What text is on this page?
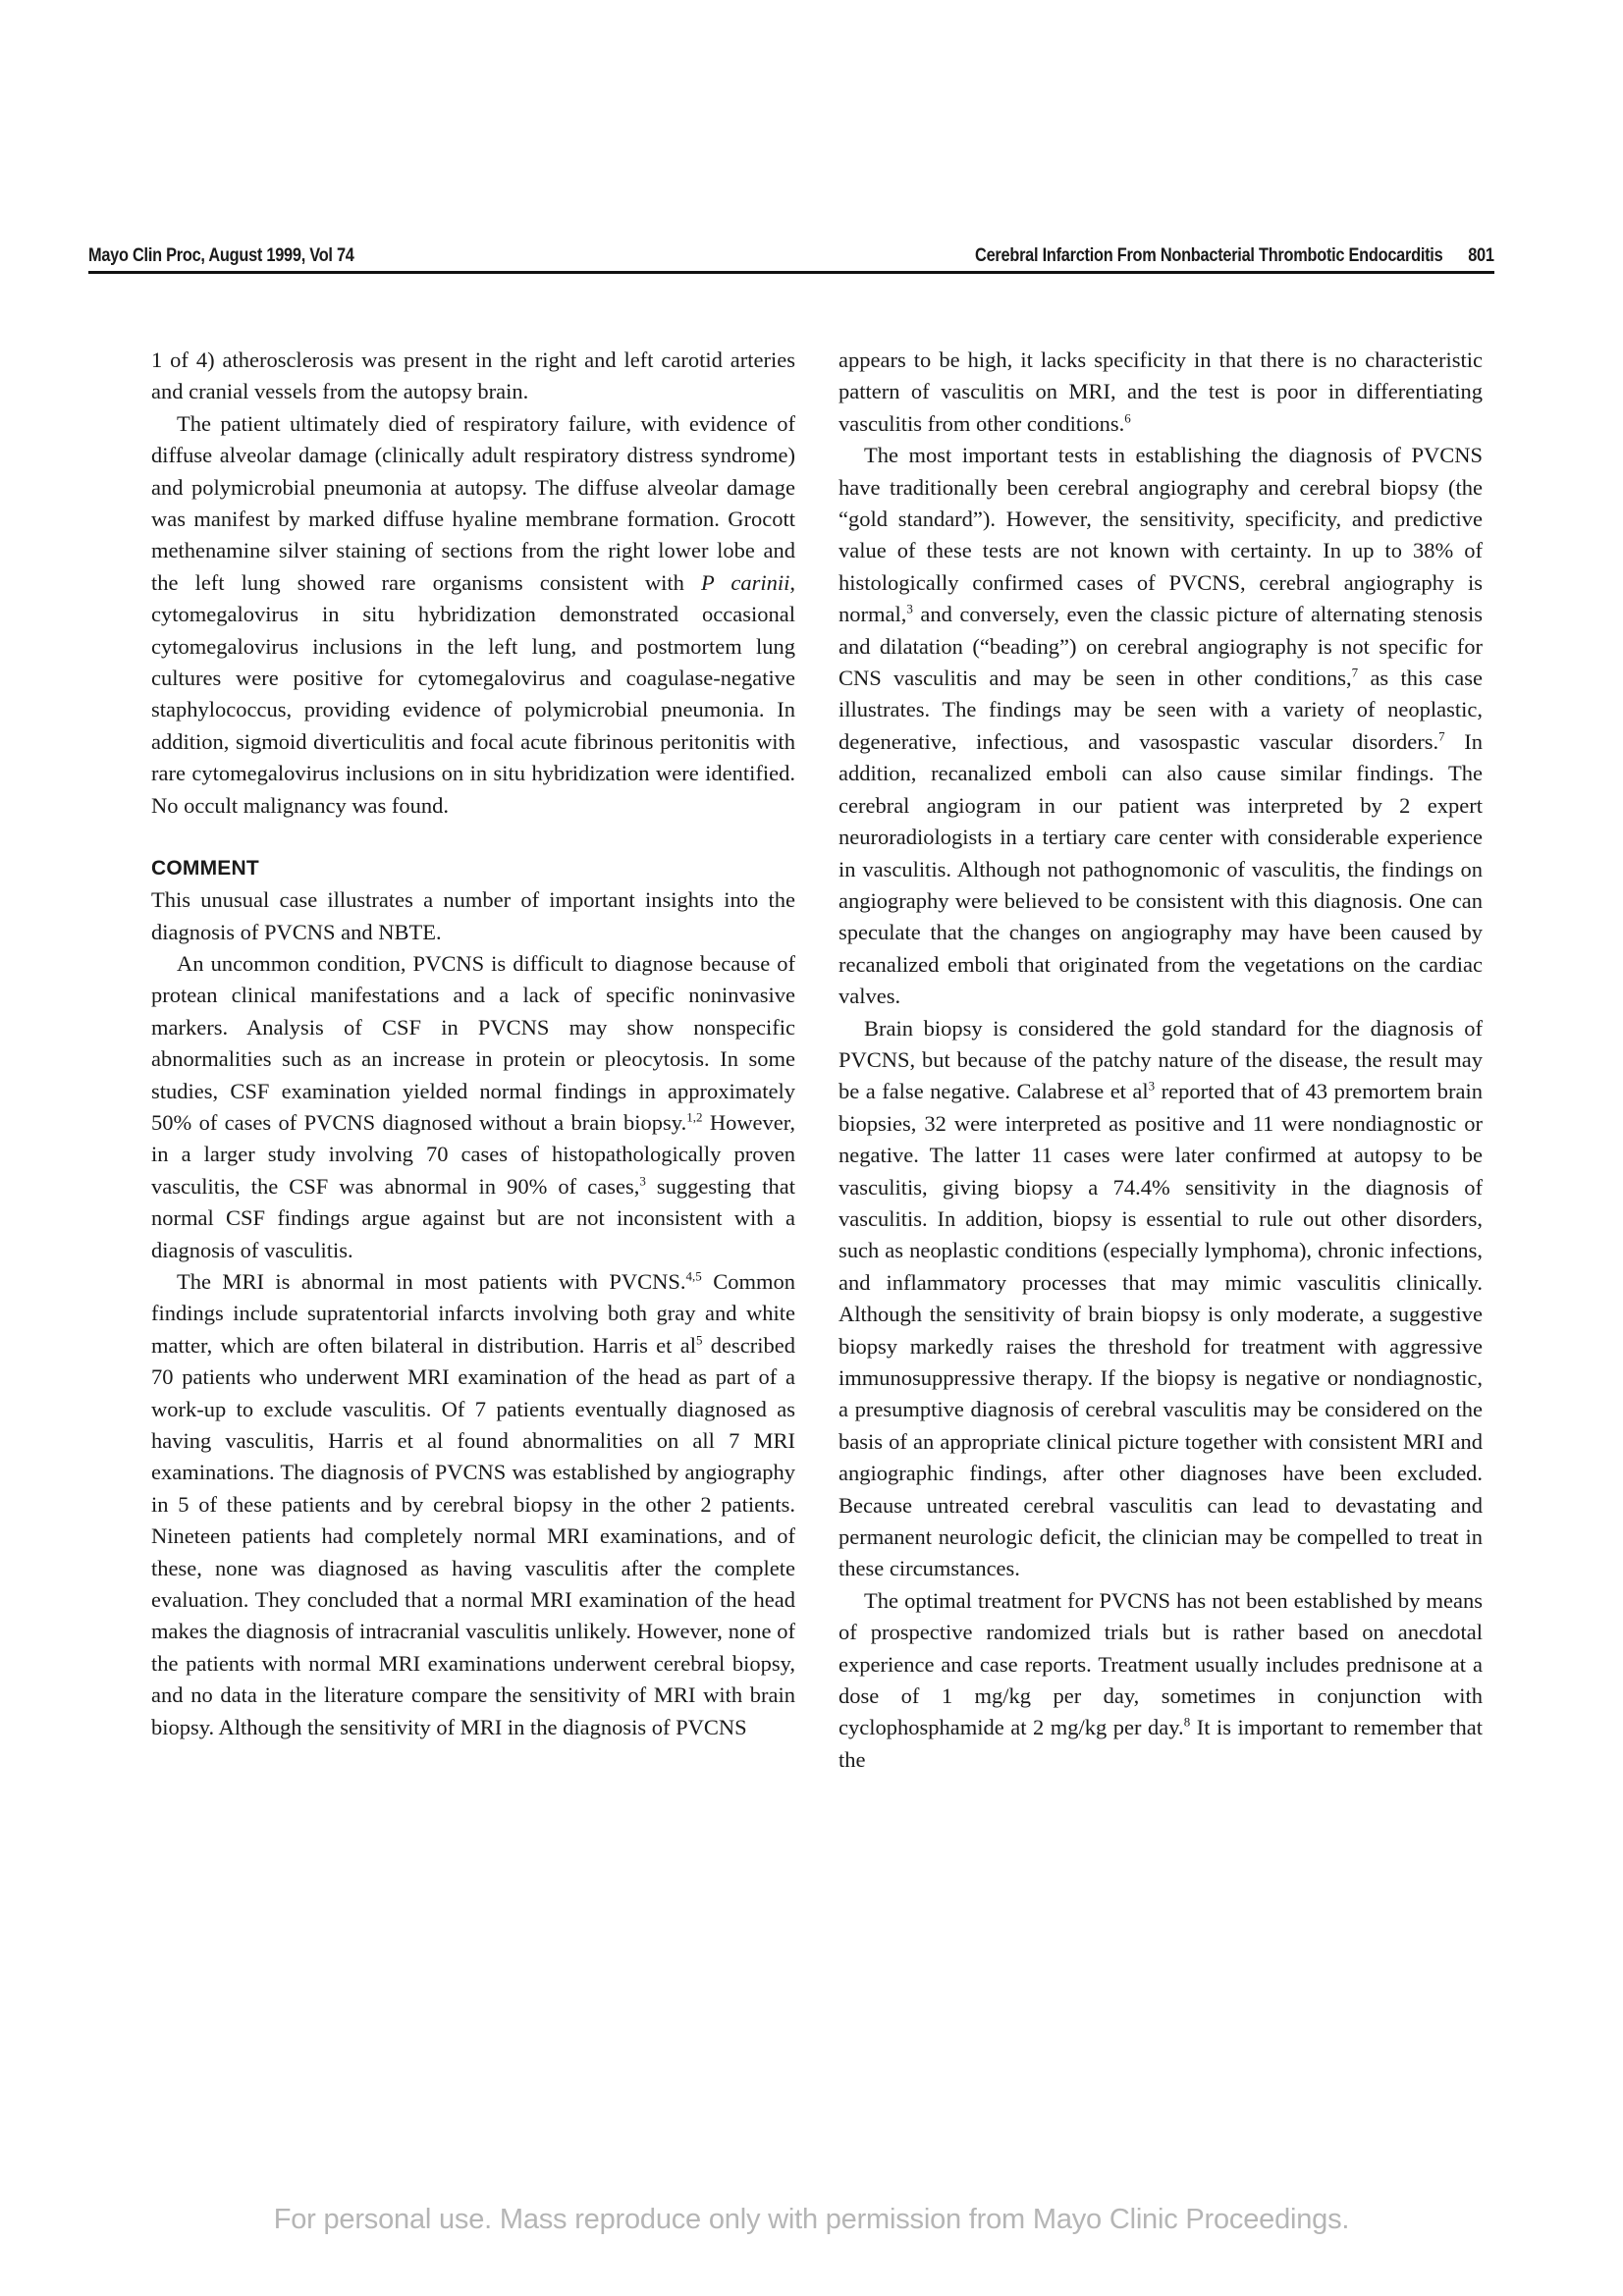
Mayo Clin Proc, August 1999, Vol 74	Cerebral Infarction From Nonbacterial Thrombotic Endocarditis 801

1 of 4) atherosclerosis was present in the right and left carotid arteries and cranial vessels from the autopsy brain.

The patient ultimately died of respiratory failure, with evidence of diffuse alveolar damage (clinically adult respiratory distress syndrome) and polymicrobial pneumonia at autopsy. The diffuse alveolar damage was manifest by marked diffuse hyaline membrane formation. Grocott methenamine silver staining of sections from the right lower lobe and the left lung showed rare organisms consistent with P carinii, cytomegalovirus in situ hybridization demonstrated occasional cytomegalovirus inclusions in the left lung, and postmortem lung cultures were positive for cytomegalovirus and coagulase-negative staphylococcus, providing evidence of polymicrobial pneumonia. In addition, sigmoid diverticulitis and focal acute fibrinous peritonitis with rare cytomegalovirus inclusions on in situ hybridization were identified. No occult malignancy was found.

COMMENT

This unusual case illustrates a number of important insights into the diagnosis of PVCNS and NBTE.

An uncommon condition, PVCNS is difficult to diagnose because of protean clinical manifestations and a lack of specific noninvasive markers. Analysis of CSF in PVCNS may show nonspecific abnormalities such as an increase in protein or pleocytosis. In some studies, CSF examination yielded normal findings in approximately 50% of cases of PVCNS diagnosed without a brain biopsy.$^{1,2}$ However, in a larger study involving 70 cases of histopathologically proven vasculitis, the CSF was abnormal in 90% of cases,$^3$ suggesting that normal CSF findings argue against but are not inconsistent with a diagnosis of vasculitis.

The MRI is abnormal in most patients with PVCNS.$^{4,5}$ Common findings include supratentorial infarcts involving both gray and white matter, which are often bilateral in distribution. Harris et $al^5$ described 70 patients who underwent MRI examination of the head as part of a work-up to exclude vasculitis. Of 7 patients eventually diagnosed as having vasculitis, Harris et al found abnormalities on all 7 MRI examinations. The diagnosis of PVCNS was established by angiography in 5 of these patients and by cerebral biopsy in the other 2 patients. Nineteen patients had completely normal MRI examinations, and of these, none was diagnosed as having vasculitis after the complete evaluation. They concluded that a normal MRI examination of the head makes the diagnosis of intracranial vasculitis unlikely. However, none of the patients with normal MRI examinations underwent cerebral biopsy, and no data in the literature compare the sensitivity of MRI with brain biopsy. Although the sensitivity of MRI in the diagnosis of PVCNS

appears to be high, it lacks specificity in that there is no characteristic pattern of vasculitis on MRI, and the test is poor in differentiating vasculitis from other conditions.$^6$

The most important tests in establishing the diagnosis of PVCNS have traditionally been cerebral angiography and cerebral biopsy (the “gold standard”). However, the sensitivity, specificity, and predictive value of these tests are not known with certainty. In up to 38% of histologically confirmed cases of PVCNS, cerebral angiography is normal,$^3$ and conversely, even the classic picture of alternating stenosis and dilatation (“beading”) on cerebral angiography is not specific for CNS vasculitis and may be seen in other conditions,$^7$ as this case illustrates. The findings may be seen with a variety of neoplastic, degenerative, infectious, and vasospastic vascular disorders.$^7$ In addition, recanalized emboli can also cause similar findings. The cerebral angiogram in our patient was interpreted by 2 expert neuroradiologists in a tertiary care center with considerable experience in vasculitis. Although not pathognomonic of vasculitis, the findings on angiography were believed to be consistent with this diagnosis. One can speculate that the changes on angiography may have been caused by recanalized emboli that originated from the vegetations on the cardiac valves.

Brain biopsy is considered the gold standard for the diagnosis of PVCNS, but because of the patchy nature of the disease, the result may be a false negative. Calabrese et $al^3$ reported that of 43 premortem brain biopsies, 32 were interpreted as positive and 11 were nondiagnostic or negative. The latter 11 cases were later confirmed at autopsy to be vasculitis, giving biopsy a 74.4% sensitivity in the diagnosis of vasculitis. In addition, biopsy is essential to rule out other disorders, such as neoplastic conditions (especially lymphoma), chronic infections, and inflammatory processes that may mimic vasculitis clinically. Although the sensitivity of brain biopsy is only moderate, a suggestive biopsy markedly raises the threshold for treatment with aggressive immunosuppressive therapy. If the biopsy is negative or nondiagnostic, a presumptive diagnosis of cerebral vasculitis may be considered on the basis of an appropriate clinical picture together with consistent MRI and angiographic findings, after other diagnoses have been excluded. Because untreated cerebral vasculitis can lead to devastating and permanent neurologic deficit, the clinician may be compelled to treat in these circumstances.

The optimal treatment for PVCNS has not been established by means of prospective randomized trials but is rather based on anecdotal experience and case reports. Treatment usually includes prednisone at a dose of 1 mg/kg per day, sometimes in conjunction with cyclophosphamide at 2 mg/kg per day.$^8$ It is important to remember that the

For personal use. Mass reproduce only with permission from Mayo Clinic Proceedings.
